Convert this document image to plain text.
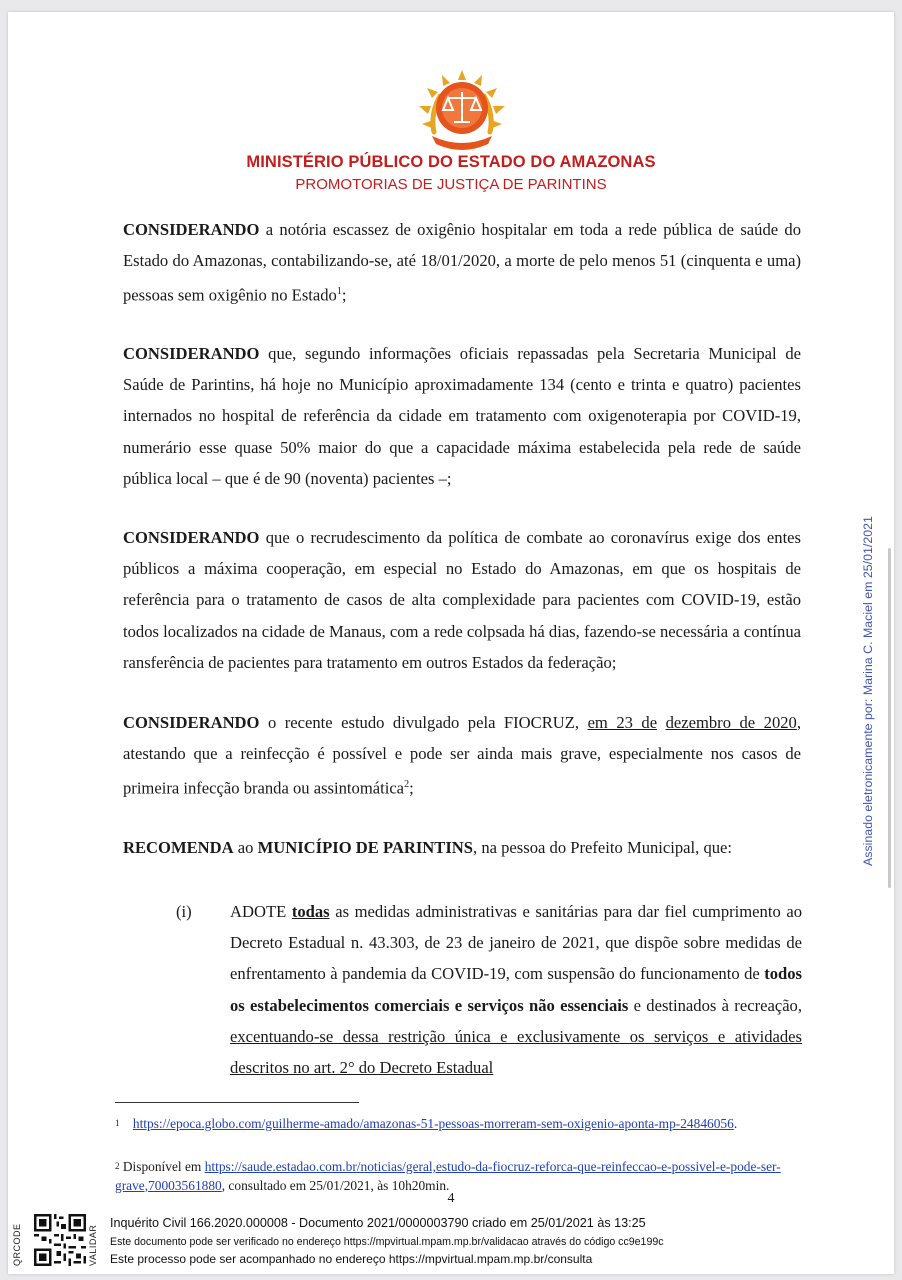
MINISTÉRIO PÚBLICO DO ESTADO DO AMAZONAS
PROMOTORIAS DE JUSTIÇA DE PARINTINS

CONSIDERANDO a notória escassez de oxigênio hospitalar em toda a rede pública de saúde do Estado do Amazonas, contabilizando-se, até 18/01/2020, a morte de pelo menos 51 (cinquenta e uma) pessoas sem oxigênio no Estado$^1$;

CONSIDERANDO que, segundo informações oficiais repassadas pela Secretaria Municipal de Saúde de Parintins, há hoje no Município aproximadamente 134 (cento e trinta e quatro) pacientes internados no hospital de referência da cidade em tratamento com oxigenoterapia por COVID-19, numerário esse quase 50% maior do que a capacidade máxima estabelecida pela rede de saúde pública local – que é de 90 (noventa) pacientes –;

CONSIDERANDO que o recrudescimento da política de combate ao coronavírus exige dos entes públicos a máxima cooperação, em especial no Estado do Amazonas, em que os hospitais de referência para o tratamento de casos de alta complexidade para pacientes com COVID-19, estão todos localizados na cidade de Manaus, com a rede colpsada há dias, fazendo-se necessária a contínua ransferência de pacientes para tratamento em outros Estados da federação;

CONSIDERANDO o recente estudo divulgado pela FIOCRUZ, em 23 de dezembro de 2020, atestando que a reinfecção é possível e pode ser ainda mais grave, especialmente nos casos de primeira infecção branda ou assintomática$^2$;

RECOMENDA ao MUNICÍPIO DE PARINTINS, na pessoa do Prefeito Municipal, que:

(i) ADOTE todas as medidas administrativas e sanitárias para dar fiel cumprimento ao Decreto Estadual n. 43.303, de 23 de janeiro de 2021, que dispõe sobre medidas de enfrentamento à pandemia da COVID-19, com suspensão do funcionamento de todos os estabelecimentos comerciais e serviços não essenciais e destinados à recreação, excentuando-se dessa restrição única e exclusivamente os serviços e atividades descritos no art. 2° do Decreto Estadual
$^1$ https://epoca.globo.com/guilherme-amado/amazonas-51-pessoas-morreram-sem-oxigenio-aponta-mp-24846056.
$^2$ Disponível em https://saude.estadao.com.br/noticias/geral,estudo-da-fiocruz-reforca-que-reinfeccao-e-possivel-e-pode-ser-grave,70003561880, consultado em 25/01/2021, às 10h20min.
4
Assinado eletronicamente por: Marina C. Maciel em 25/01/2021
QRCODE	VALIDAR
Inquérito Civil 166.2020.000008 - Documento 2021/0000003790 criado em 25/01/2021 às 13:25
Este documento pode ser verificado no endereço https://mpvirtual.mpam.mp.br/validacao através do código cc9e199c
Este processo pode ser acompanhado no endereço https://mpvirtual.mpam.mp.br/consulta
